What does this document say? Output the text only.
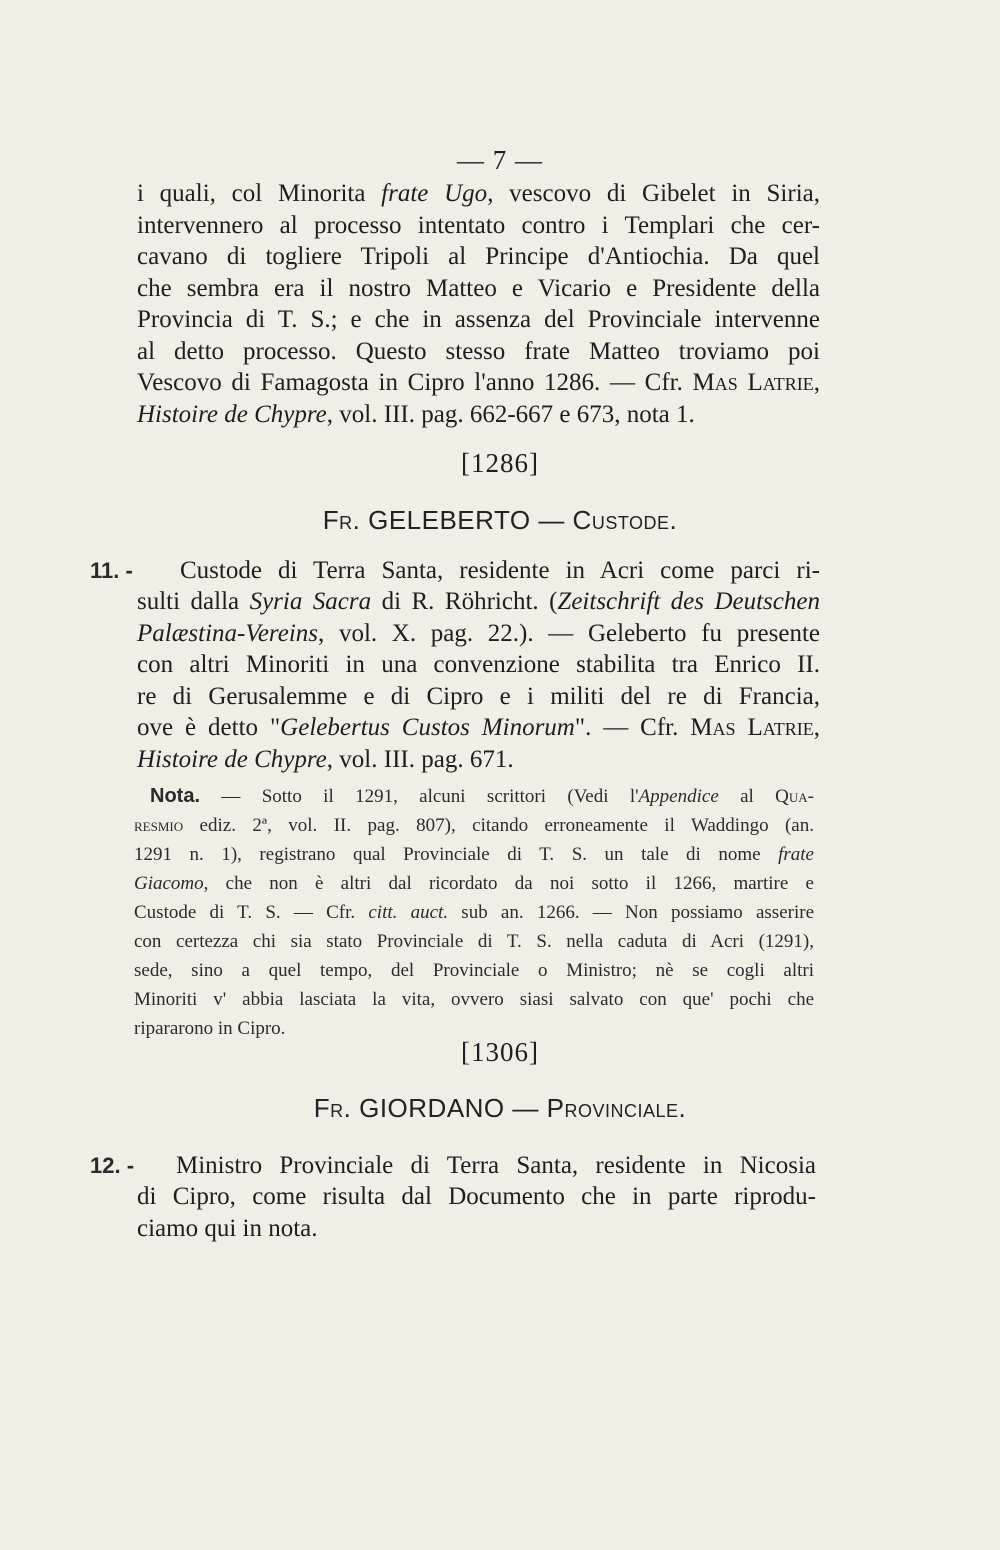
— 7 —
i quali, col Minorita frate Ugo, vescovo di Gibelet in Siria,
intervennero al processo intentato contro i Templari che cer-
cavano di togliere Tripoli al Principe d'Antiochia. Da quel
che sembra era il nostro Matteo e Vicario e Presidente della
Provincia di T. S.; e che in assenza del Provinciale intervenne
al detto processo. Questo stesso frate Matteo troviamo poi
Vescovo di Famagosta in Cipro l'anno 1286. — Cfr. Mas Latrie,
Histoire de Chypre, vol. III. pag. 662-667 e 673, nota 1.
[1286]
Fr. GELEBERTO — Custode.
11. - Custode di Terra Santa, residente in Acri come parci ri-
sulti dalla Syria Sacra di R. Röhricht. (Zeitschrift des Deutschen
Palæstina-Vereins, vol. X. pag. 22.). — Geleberto fu presente
con altri Minoriti in una convenzione stabilita tra Enrico II.
re di Gerusalemme e di Cipro e i militi del re di Francia,
ove è detto "Gelebertus Custos Minorum". — Cfr. Mas Latrie,
Histoire de Chypre, vol. III. pag. 671.
Nota. — Sotto il 1291, alcuni scrittori (Vedi l'Appendice al Qua-
resmio ediz. 2ª, vol. II. pag. 807), citando erroneamente il Waddingo (an.
1291 n. 1), registrano qual Provinciale di T. S. un tale di nome frate
Giacomo, che non è altri dal ricordato da noi sotto il 1266, martire e
Custode di T. S. — Cfr. citt. auct. sub an. 1266. — Non possiamo asserire
con certezza chi sia stato Provinciale di T. S. nella caduta di Acri (1291),
sede, sino a quel tempo, del Provinciale o Ministro; nè se cogli altri
Minoriti v' abbia lasciata la vita, ovvero siasi salvato con que' pochi che
ripararono in Cipro.
[1306]
Fr. GIORDANO — Provinciale.
12. - Ministro Provinciale di Terra Santa, residente in Nicosia
di Cipro, come risulta dal Documento che in parte riprodu-
ciamo qui in nota.
